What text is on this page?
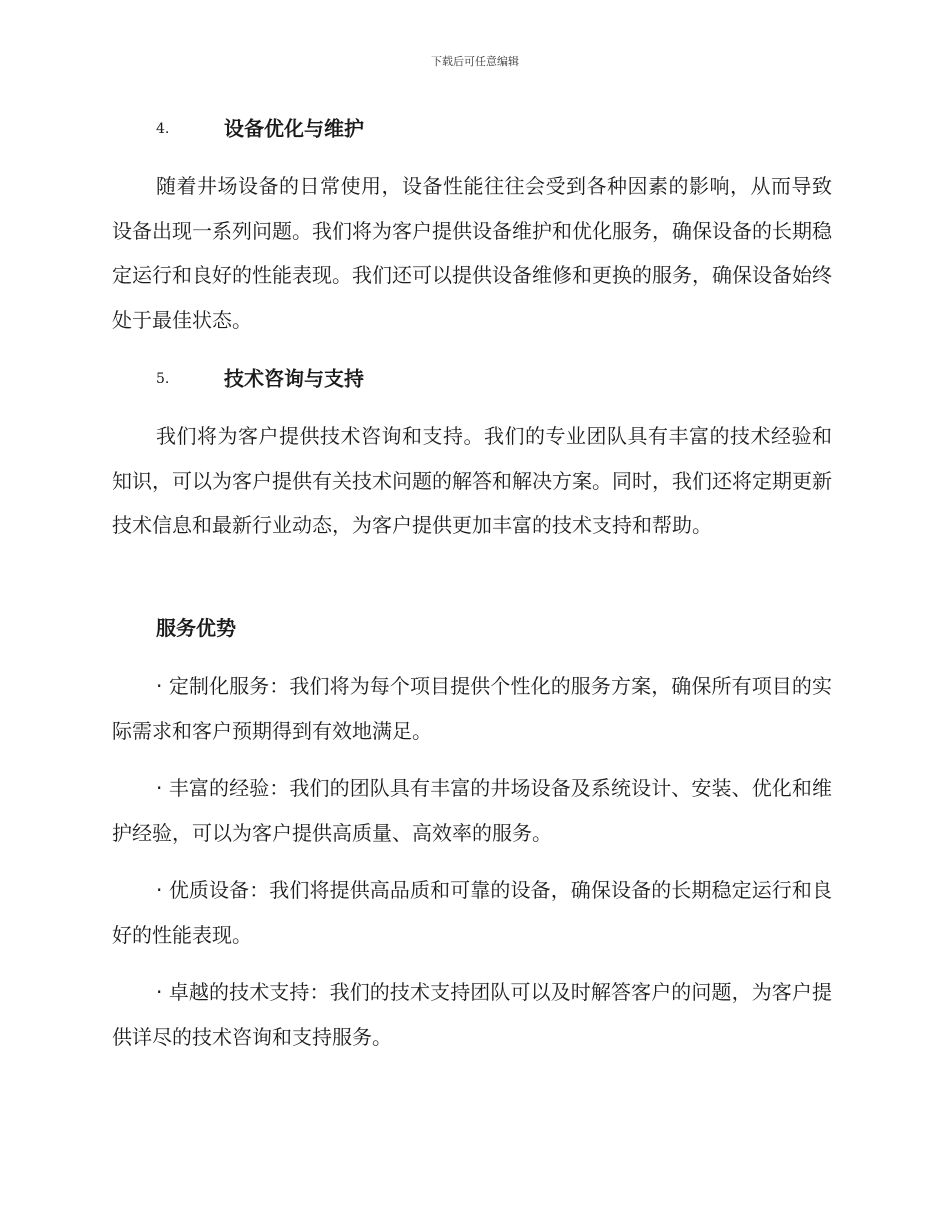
下载后可任意编辑
4.	设备优化与维护

随着井场设备的日常使用，设备性能往往会受到各种因素的影响，从而导致设备出现一系列问题。我们将为客户提供设备维护和优化服务，确保设备的长期稳定运行和良好的性能表现。我们还可以提供设备维修和更换的服务，确保设备始终处于最佳状态。

5.	技术咨询与支持

我们将为客户提供技术咨询和支持。我们的专业团队具有丰富的技术经验和知识，可以为客户提供有关技术问题的解答和解决方案。同时，我们还将定期更新技术信息和最新行业动态，为客户提供更加丰富的技术支持和帮助。

服务优势

· 定制化服务：我们将为每个项目提供个性化的服务方案，确保所有项目的实际需求和客户预期得到有效地满足。

· 丰富的经验：我们的团队具有丰富的井场设备及系统设计、安装、优化和维护经验，可以为客户提供高质量、高效率的服务。

· 优质设备：我们将提供高品质和可靠的设备，确保设备的长期稳定运行和良好的性能表现。

· 卓越的技术支持：我们的技术支持团队可以及时解答客户的问题，为客户提供详尽的技术咨询和支持服务。
